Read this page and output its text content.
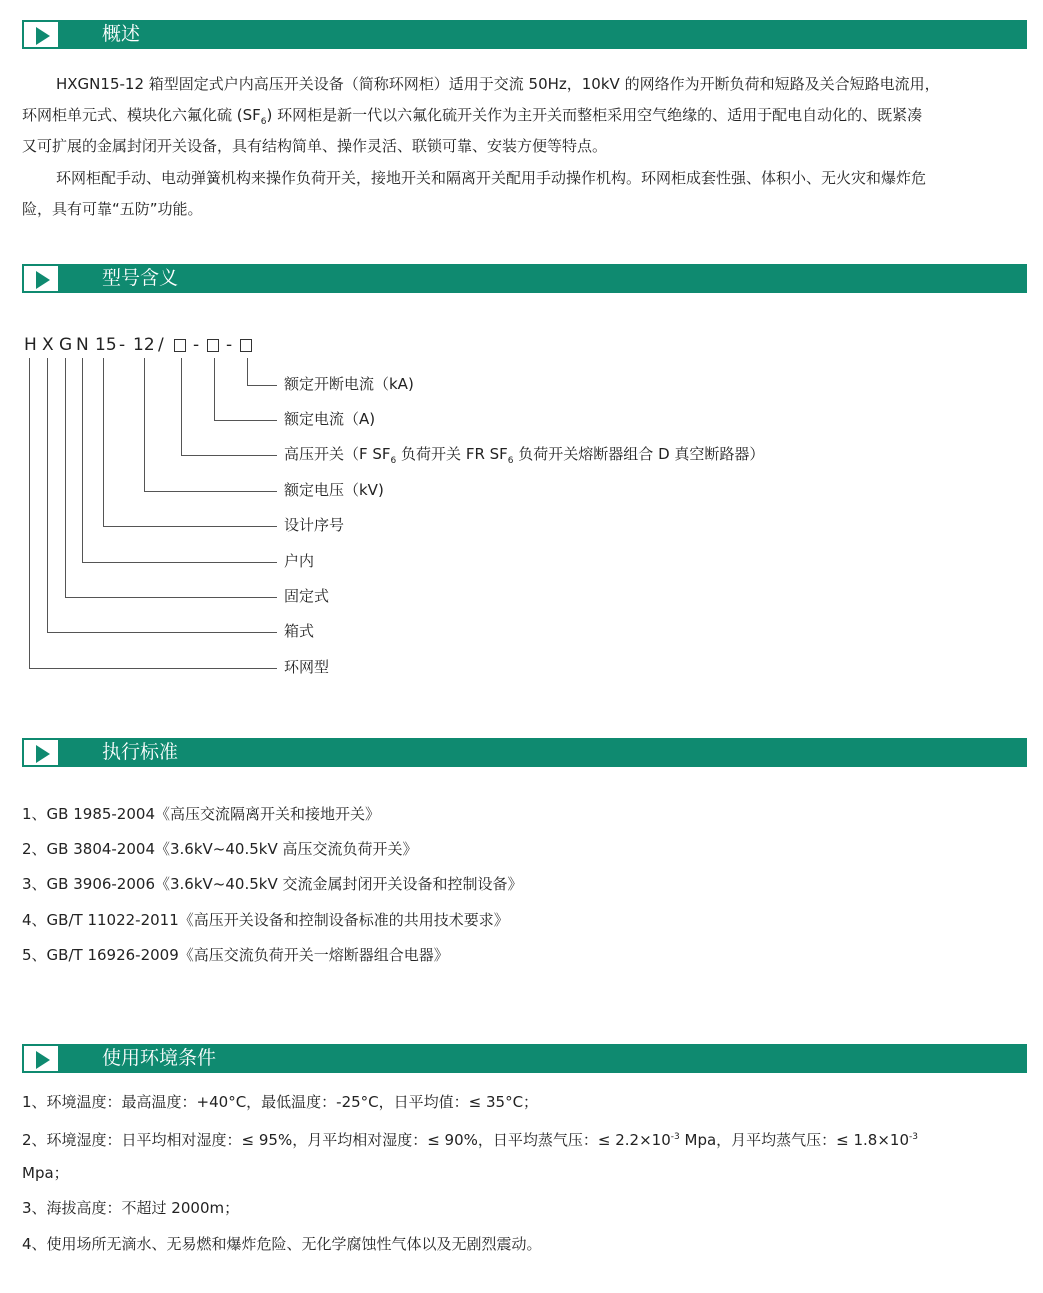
概述
HXGN15-12 箱型固定式户内高压开关设备（简称环网柜）适用于交流 50Hz，10kV 的网络作为开断负荷和短路及关合短路电流用，
环网柜单元式、模块化六氟化硫 $(SF_6)$ 环网柜是新一代以六氟化硫开关作为主开关而整柜采用空气绝缘的、适用于配电自动化的、既紧凑
又可扩展的金属封闭开关设备，具有结构简单、操作灵活、联锁可靠、安装方便等特点。
环网柜配手动、电动弹簧机构来操作负荷开关，接地开关和隔离开关配用手动操作机构。环网柜成套性强、体积小、无火灾和爆炸危
险，具有可靠“五防”功能。
型号含义
H X G N 15 - 12 / - -
额定开断电流（kA)
额定电流（A)
高压开关（F $SF_6$ 负荷开关 FR $SF_6$ 负荷开关熔断器组合 D 真空断路器）
额定电压（kV)
设计序号
户内
固定式
箱式
环网型
执行标准
1、GB 1985-2004《高压交流隔离开关和接地开关》
2、GB 3804-2004《3.6kV~40.5kV 高压交流负荷开关》
3、GB 3906-2006《3.6kV~40.5kV 交流金属封闭开关设备和控制设备》
4、GB/T 11022-2011《高压开关设备和控制设备标准的共用技术要求》
5、GB/T 16926-2009《高压交流负荷开关一熔断器组合电器》
使用环境条件
1、环境温度：最高温度：+40°C，最低温度：-25°C，日平均值：≤ 35°C；
2、环境湿度：日平均相对湿度：≤ 95%，月平均相对湿度：≤ 90%，日平均蒸气压：≤ $2.2\times 10^{-3}$ Mpa，月平均蒸气压：≤ $1.8\times 10^{-3}$
Mpa；
3、海拔高度：不超过 2000m；
4、使用场所无滴水、无易燃和爆炸危险、无化学腐蚀性气体以及无剧烈震动。
